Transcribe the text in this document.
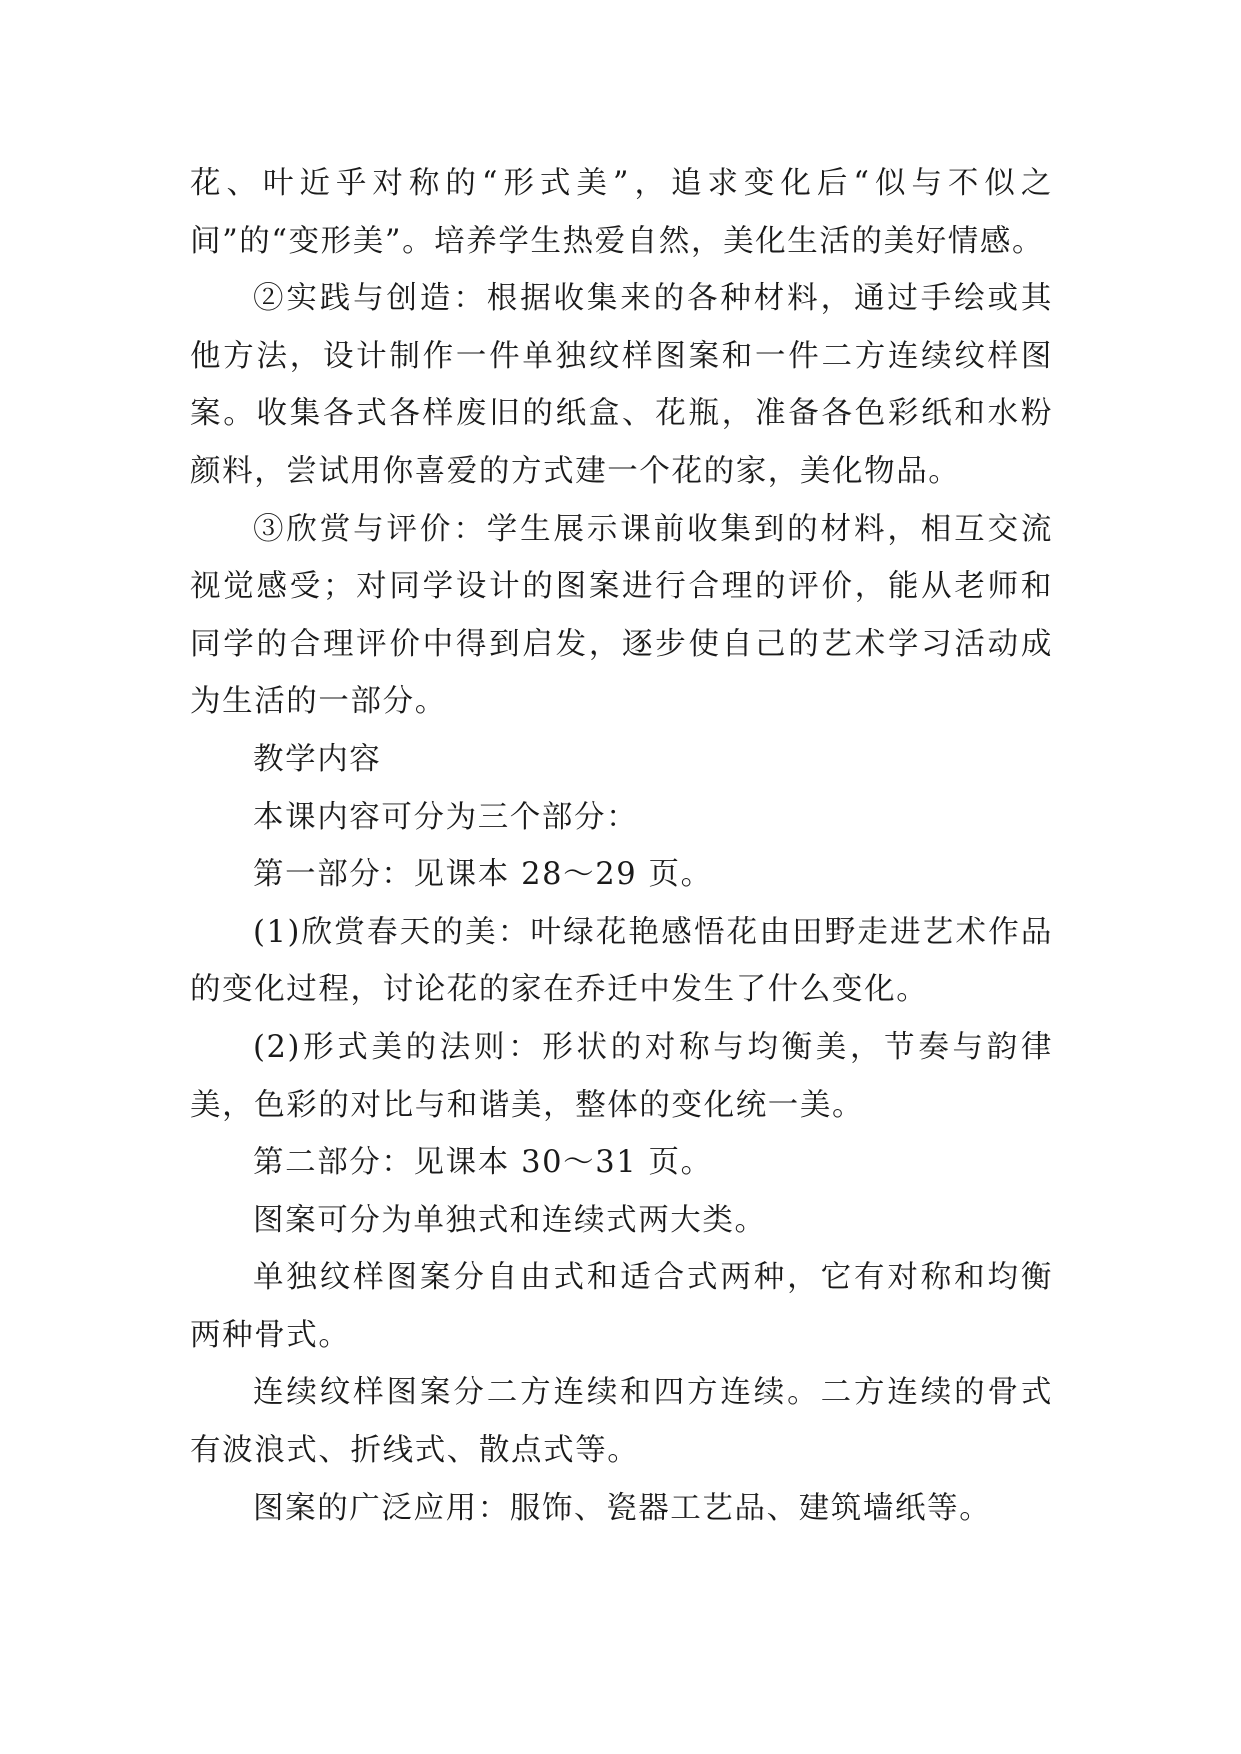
花、叶近乎对称的“形式美”，追求变化后“似与不似之间”的“变形美”。培养学生热爱自然，美化生活的美好情感。

②实践与创造：根据收集来的各种材料，通过手绘或其他方法，设计制作一件单独纹样图案和一件二方连续纹样图案。收集各式各样废旧的纸盒、花瓶，准备各色彩纸和水粉颜料，尝试用你喜爱的方式建一个花的家，美化物品。

③欣赏与评价：学生展示课前收集到的材料，相互交流视觉感受；对同学设计的图案进行合理的评价，能从老师和同学的合理评价中得到启发，逐步使自己的艺术学习活动成为生活的一部分。

教学内容

本课内容可分为三个部分：

第一部分：见课本 28～29 页。

(1)欣赏春天的美：叶绿花艳感悟花由田野走进艺术作品的变化过程，讨论花的家在乔迁中发生了什么变化。

(2)形式美的法则：形状的对称与均衡美，节奏与韵律美，色彩的对比与和谐美，整体的变化统一美。

第二部分：见课本 30～31 页。

图案可分为单独式和连续式两大类。

单独纹样图案分自由式和适合式两种，它有对称和均衡两种骨式。

连续纹样图案分二方连续和四方连续。二方连续的骨式有波浪式、折线式、散点式等。

图案的广泛应用：服饰、瓷器工艺品、建筑墙纸等。
